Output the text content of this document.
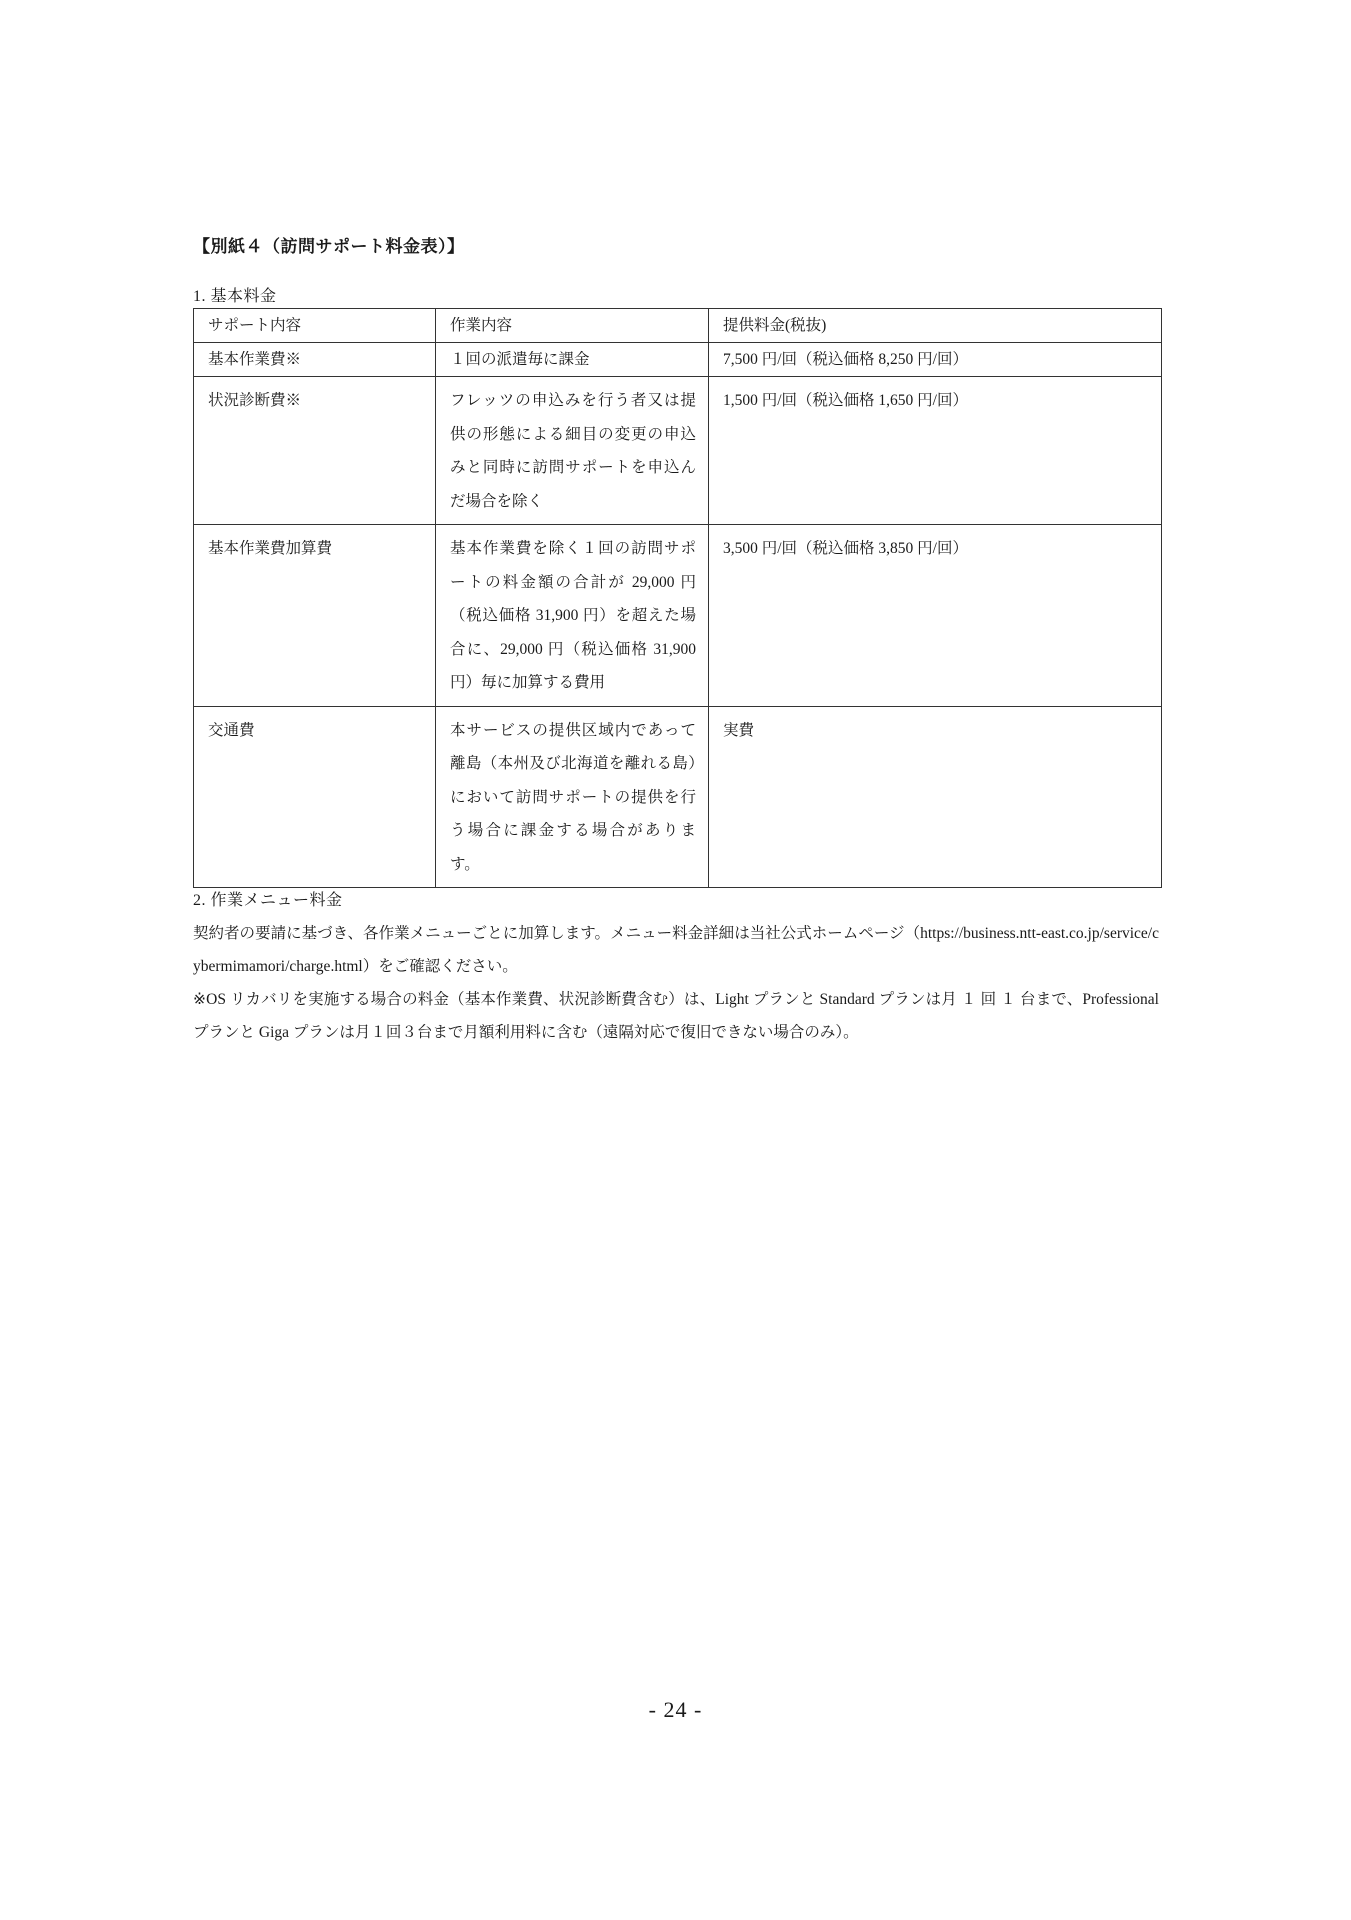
【別紙４（訪問サポート料金表）】
1. 基本料金
サポート内容	作業内容	提供料金(税抜)
基本作業費※	１回の派遣毎に課金	7,500 円/回（税込価格 8,250 円/回）
状況診断費※	フレッツの申込みを行う者又は提供の形態による細目の変更の申込みと同時に訪問サポートを申込んだ場合を除く	1,500 円/回（税込価格 1,650 円/回）
基本作業費加算費	基本作業費を除く１回の訪問サポートの料金額の合計が 29,000 円（税込価格 31,900 円）を超えた場合に、29,000 円（税込価格 31,900 円）毎に加算する費用	3,500 円/回（税込価格 3,850 円/回）
交通費	本サービスの提供区域内であって離島（本州及び北海道を離れる島）において訪問サポートの提供を行う場合に課金する場合があります。	実費
2. 作業メニュー料金
契約者の要請に基づき、各作業メニューごとに加算します。メニュー料金詳細は当社公式ホームページ（https://business.ntt-east.co.jp/service/cybermimamori/charge.html）をご確認ください。
※OS リカバリを実施する場合の料金（基本作業費、状況診断費含む）は、Light プランと Standard プランは月 １ 回 １ 台まで、Professional プランと Giga プランは月１回３台まで月額利用料に含む（遠隔対応で復旧できない場合のみ）。
- 24 -
